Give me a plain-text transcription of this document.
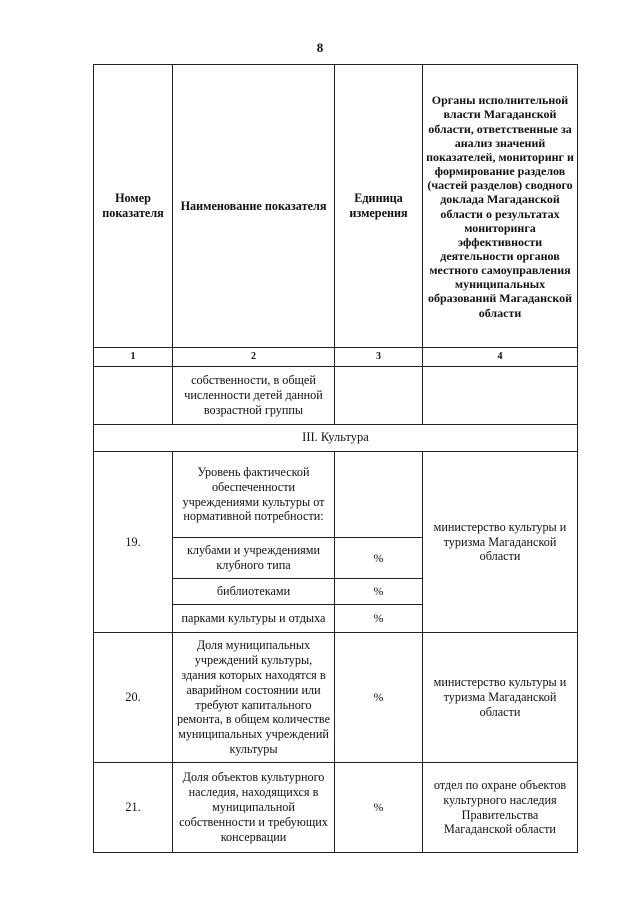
8
Номер показателя	Наименование показателя	Единица измерения	Органы исполнительной власти Магаданской области, ответственные за анализ значений показателей, мониторинг и формирование разделов (частей разделов) сводного доклада Магаданской области о результатах мониторинга эффективности деятельности органов местного самоуправления муниципальных образований Магаданской области
1	2	3	4
	собственности, в общей численности детей данной возрастной группы		
III. Культура			
19.	Уровень фактической обеспеченности учреждениями культуры от нормативной потребности:		министерство культуры и туризма Магаданской области
	клубами и учреждениями клубного типа	%	
	библиотеками	%	
	парками культуры и отдыха	%	
20.	Доля муниципальных учреждений культуры, здания которых находятся в аварийном состоянии или требуют капитального ремонта, в общем количестве муниципальных учреждений культуры	%	министерство культуры и туризма Магаданской области
21.	Доля объектов культурного наследия, находящихся в муниципальной собственности и требующих консервации	%	отдел по охране объектов культурного наследия Правительства Магаданской области
